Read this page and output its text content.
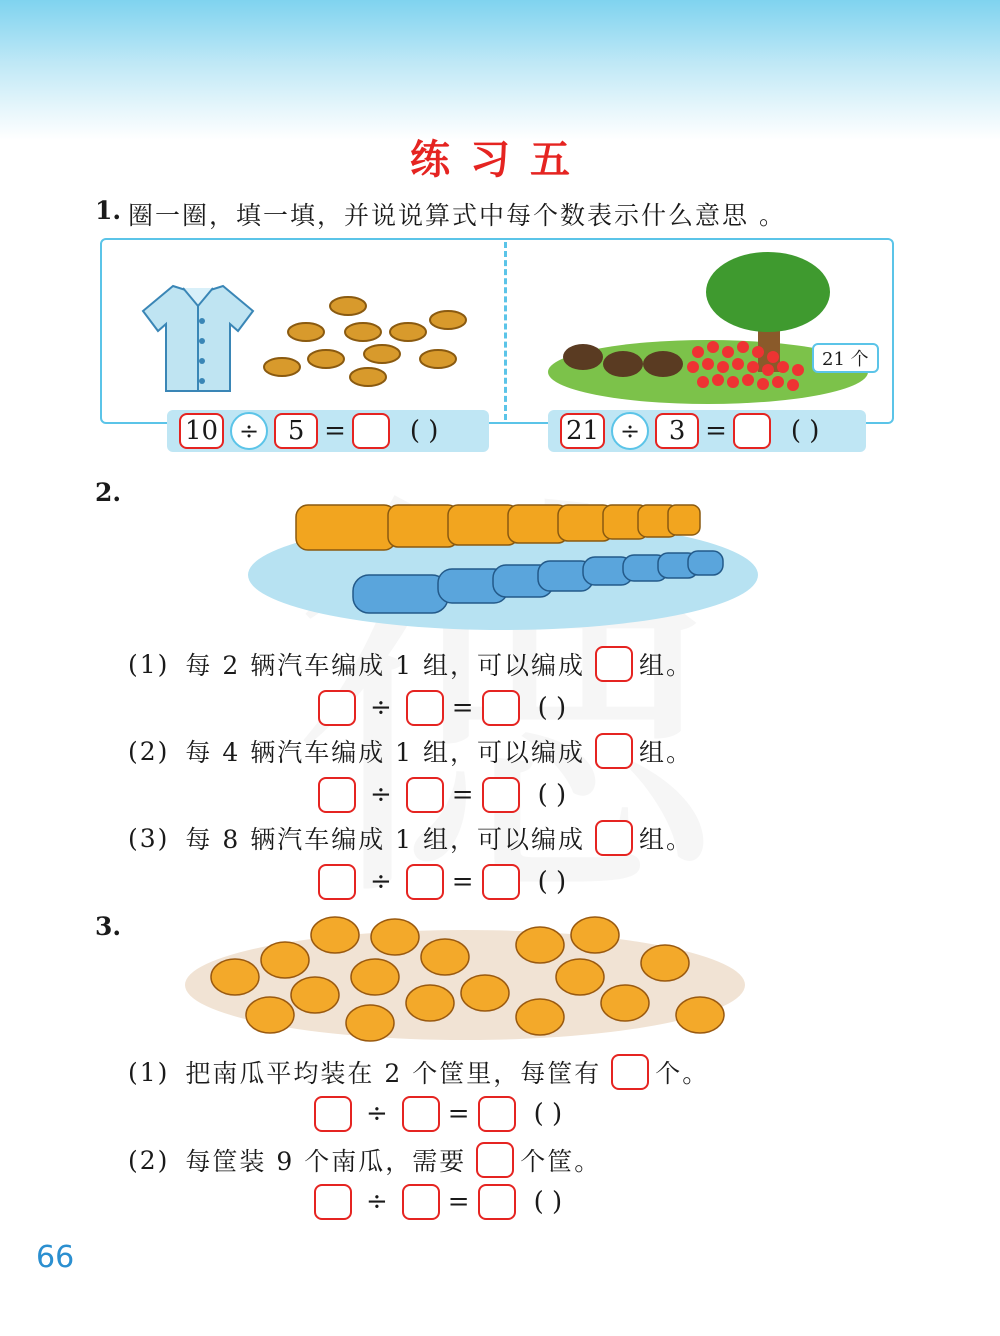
练习五
1. 圈一圈，填一填，并说说算式中每个数表示什么意思 。
21 个
10 ÷	5 = ( )	21 ÷	3 = ( )
2.
(1) 每 2 辆汽车编成 1 组，可以编成 组。
÷ = ( )
(2) 每 4 辆汽车编成 1 组，可以编成 组。
÷ = ( )
(3) 每 8 辆汽车编成 1 组，可以编成 组。
÷ = ( )
3.
(1) 把南瓜平均装在 2 个筐里，每筐有 个。
÷ = ( )
(2) 每筐装 9 个南瓜，需要 个筐。
÷ = ( )
66
